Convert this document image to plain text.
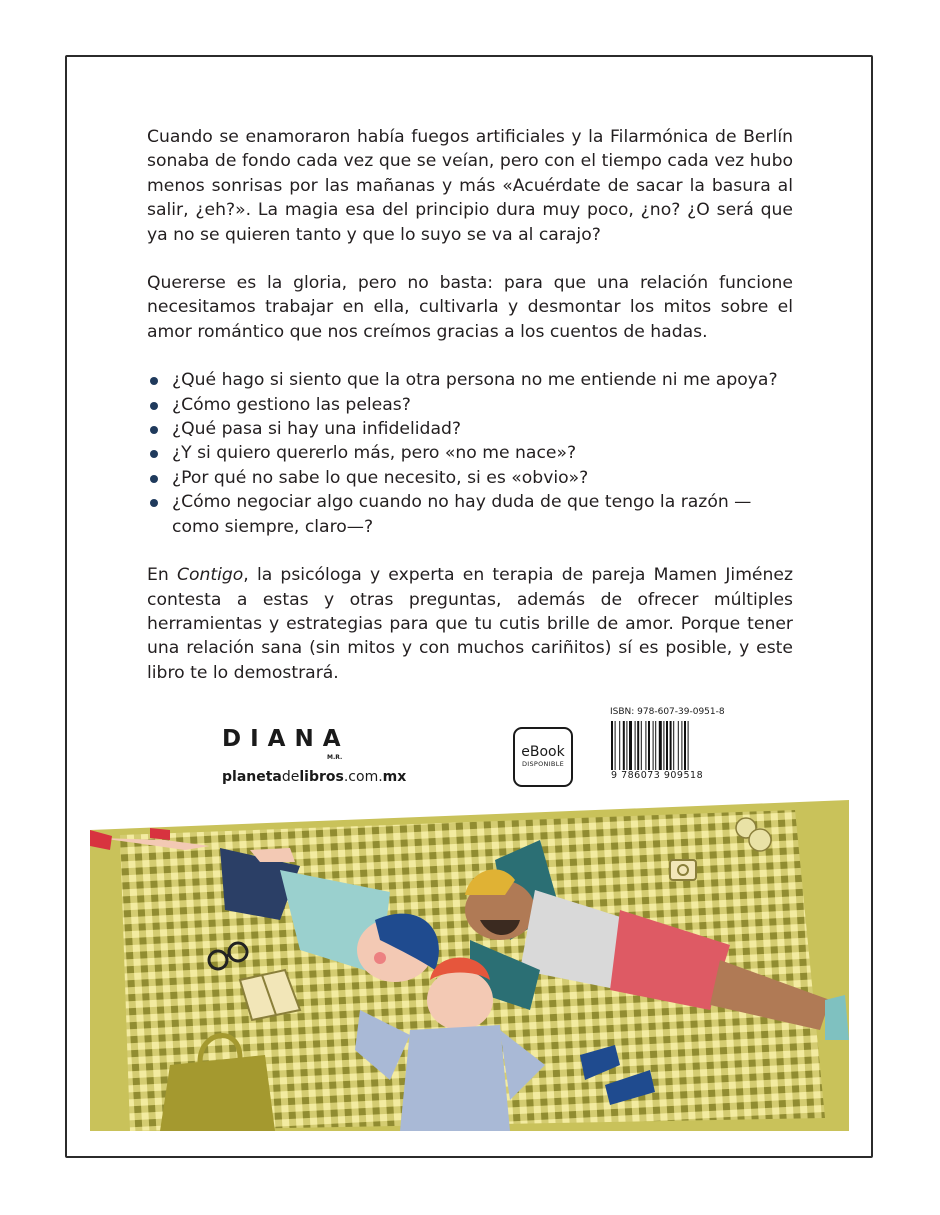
Cuando se enamoraron había fuegos artificiales y la Filarmónica de Berlín sonaba de fondo cada vez que se veían, pero con el tiempo cada vez hubo menos sonrisas por las mañanas y más «Acuérdate de sacar la basura al salir, ¿eh?». La magia esa del principio dura muy poco, ¿no? ¿O será que ya no se quieren tanto y que lo suyo se va al carajo?

Quererse es la gloria, pero no basta: para que una relación funcione necesitamos trabajar en ella, cultivarla y desmontar los mitos sobre el amor romántico que nos creímos gracias a los cuentos de hadas.

¿Qué hago si siento que la otra persona no me entiende ni me apoya?
¿Cómo gestiono las peleas?
¿Qué pasa si hay una infidelidad?
¿Y si quiero quererlo más, pero «no me nace»?
¿Por qué no sabe lo que necesito, si es «obvio»?
¿Cómo negociar algo cuando no hay duda de que tengo la razón —como siempre, claro—?

En Contigo, la psicóloga y experta en terapia de pareja Mamen Jiménez contesta a estas y otras preguntas, además de ofrecer múltiples herramientas y estrategias para que tu cutis brille de amor. Porque tener una relación sana (sin mitos y con muchos cariñitos) sí es posible, y este libro te lo demostrará.

DIANA
M.R.
planetadelibros.com.mx
eBook
DISPONIBLE
ISBN: 978-607-39-0951-8
9 786073 909518
